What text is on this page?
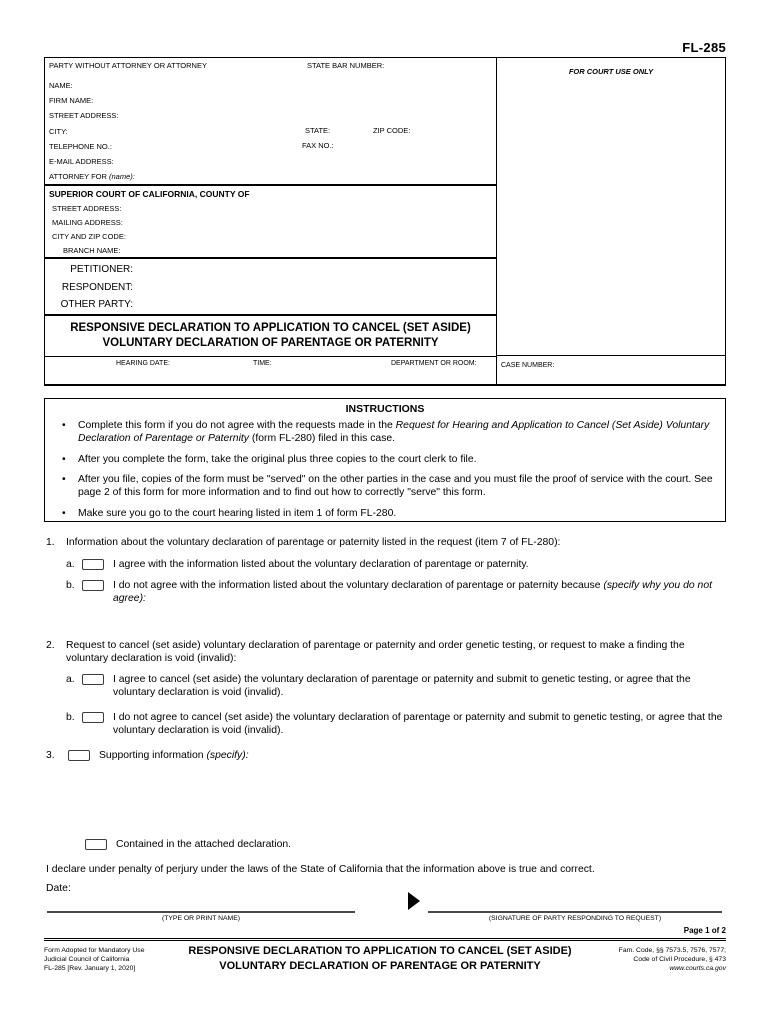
FL-285
PARTY WITHOUT ATTORNEY OR ATTORNEY	STATE BAR NUMBER:
NAME:
FIRM NAME:
STREET ADDRESS:
CITY:	STATE:	ZIP CODE:
TELEPHONE NO.:	FAX NO.:
E-MAIL ADDRESS:
ATTORNEY FOR (name):
SUPERIOR COURT OF CALIFORNIA, COUNTY OF
STREET ADDRESS:
MAILING ADDRESS:
CITY AND ZIP CODE:
BRANCH NAME:
PETITIONER:
RESPONDENT:
OTHER PARTY:
RESPONSIVE DECLARATION TO APPLICATION TO CANCEL (SET ASIDE)
VOLUNTARY DECLARATION OF PARENTAGE OR PATERNITY
HEARING DATE:	TIME:	DEPARTMENT OR ROOM:
FOR COURT USE ONLY
CASE NUMBER:
INSTRUCTIONS
•	Complete this form if you do not agree with the requests made in the Request for Hearing and Application to Cancel (Set Aside) Voluntary Declaration of Parentage or Paternity (form FL-280) filed in this case.
•	After you complete the form, take the original plus three copies to the court clerk to file.
•	After you file, copies of the form must be "served" on the other parties in the case and you must file the proof of service with the court. See page 2 of this form for more information and to find out how to correctly "serve" this form.
•	Make sure you go to the court hearing listed in item 1 of form FL-280.
1.	Information about the voluntary declaration of parentage or paternity listed in the request (item 7 of FL-280):
a.	I agree with the information listed about the voluntary declaration of parentage or paternity.
b.	I do not agree with the information listed about the voluntary declaration of parentage or paternity because (specify why you do not agree):
2.	Request to cancel (set aside) voluntary declaration of parentage or paternity and order genetic testing, or request to make a finding the voluntary declaration is void (invalid):
a.	I agree to cancel (set aside) the voluntary declaration of parentage or paternity and submit to genetic testing, or agree that the voluntary declaration is void (invalid).
b.	I do not agree to cancel (set aside) the voluntary declaration of parentage or paternity and submit to genetic testing, or agree that the voluntary declaration is void (invalid).
3.	Supporting information (specify):
Contained in the attached declaration.
I declare under penalty of perjury under the laws of the State of California that the information above is true and correct.
Date:
(TYPE OR PRINT NAME)	(SIGNATURE OF PARTY RESPONDING TO REQUEST)
Page 1 of 2
Form Adopted for Mandatory Use
Judicial Council of California
FL-285 [Rev. January 1, 2020]
RESPONSIVE DECLARATION TO APPLICATION TO CANCEL (SET ASIDE)
VOLUNTARY DECLARATION OF PARENTAGE OR PATERNITY
Fam. Code, §§ 7573.5, 7576, 7577;
Code of Civil Procedure, § 473
www.courts.ca.gov
